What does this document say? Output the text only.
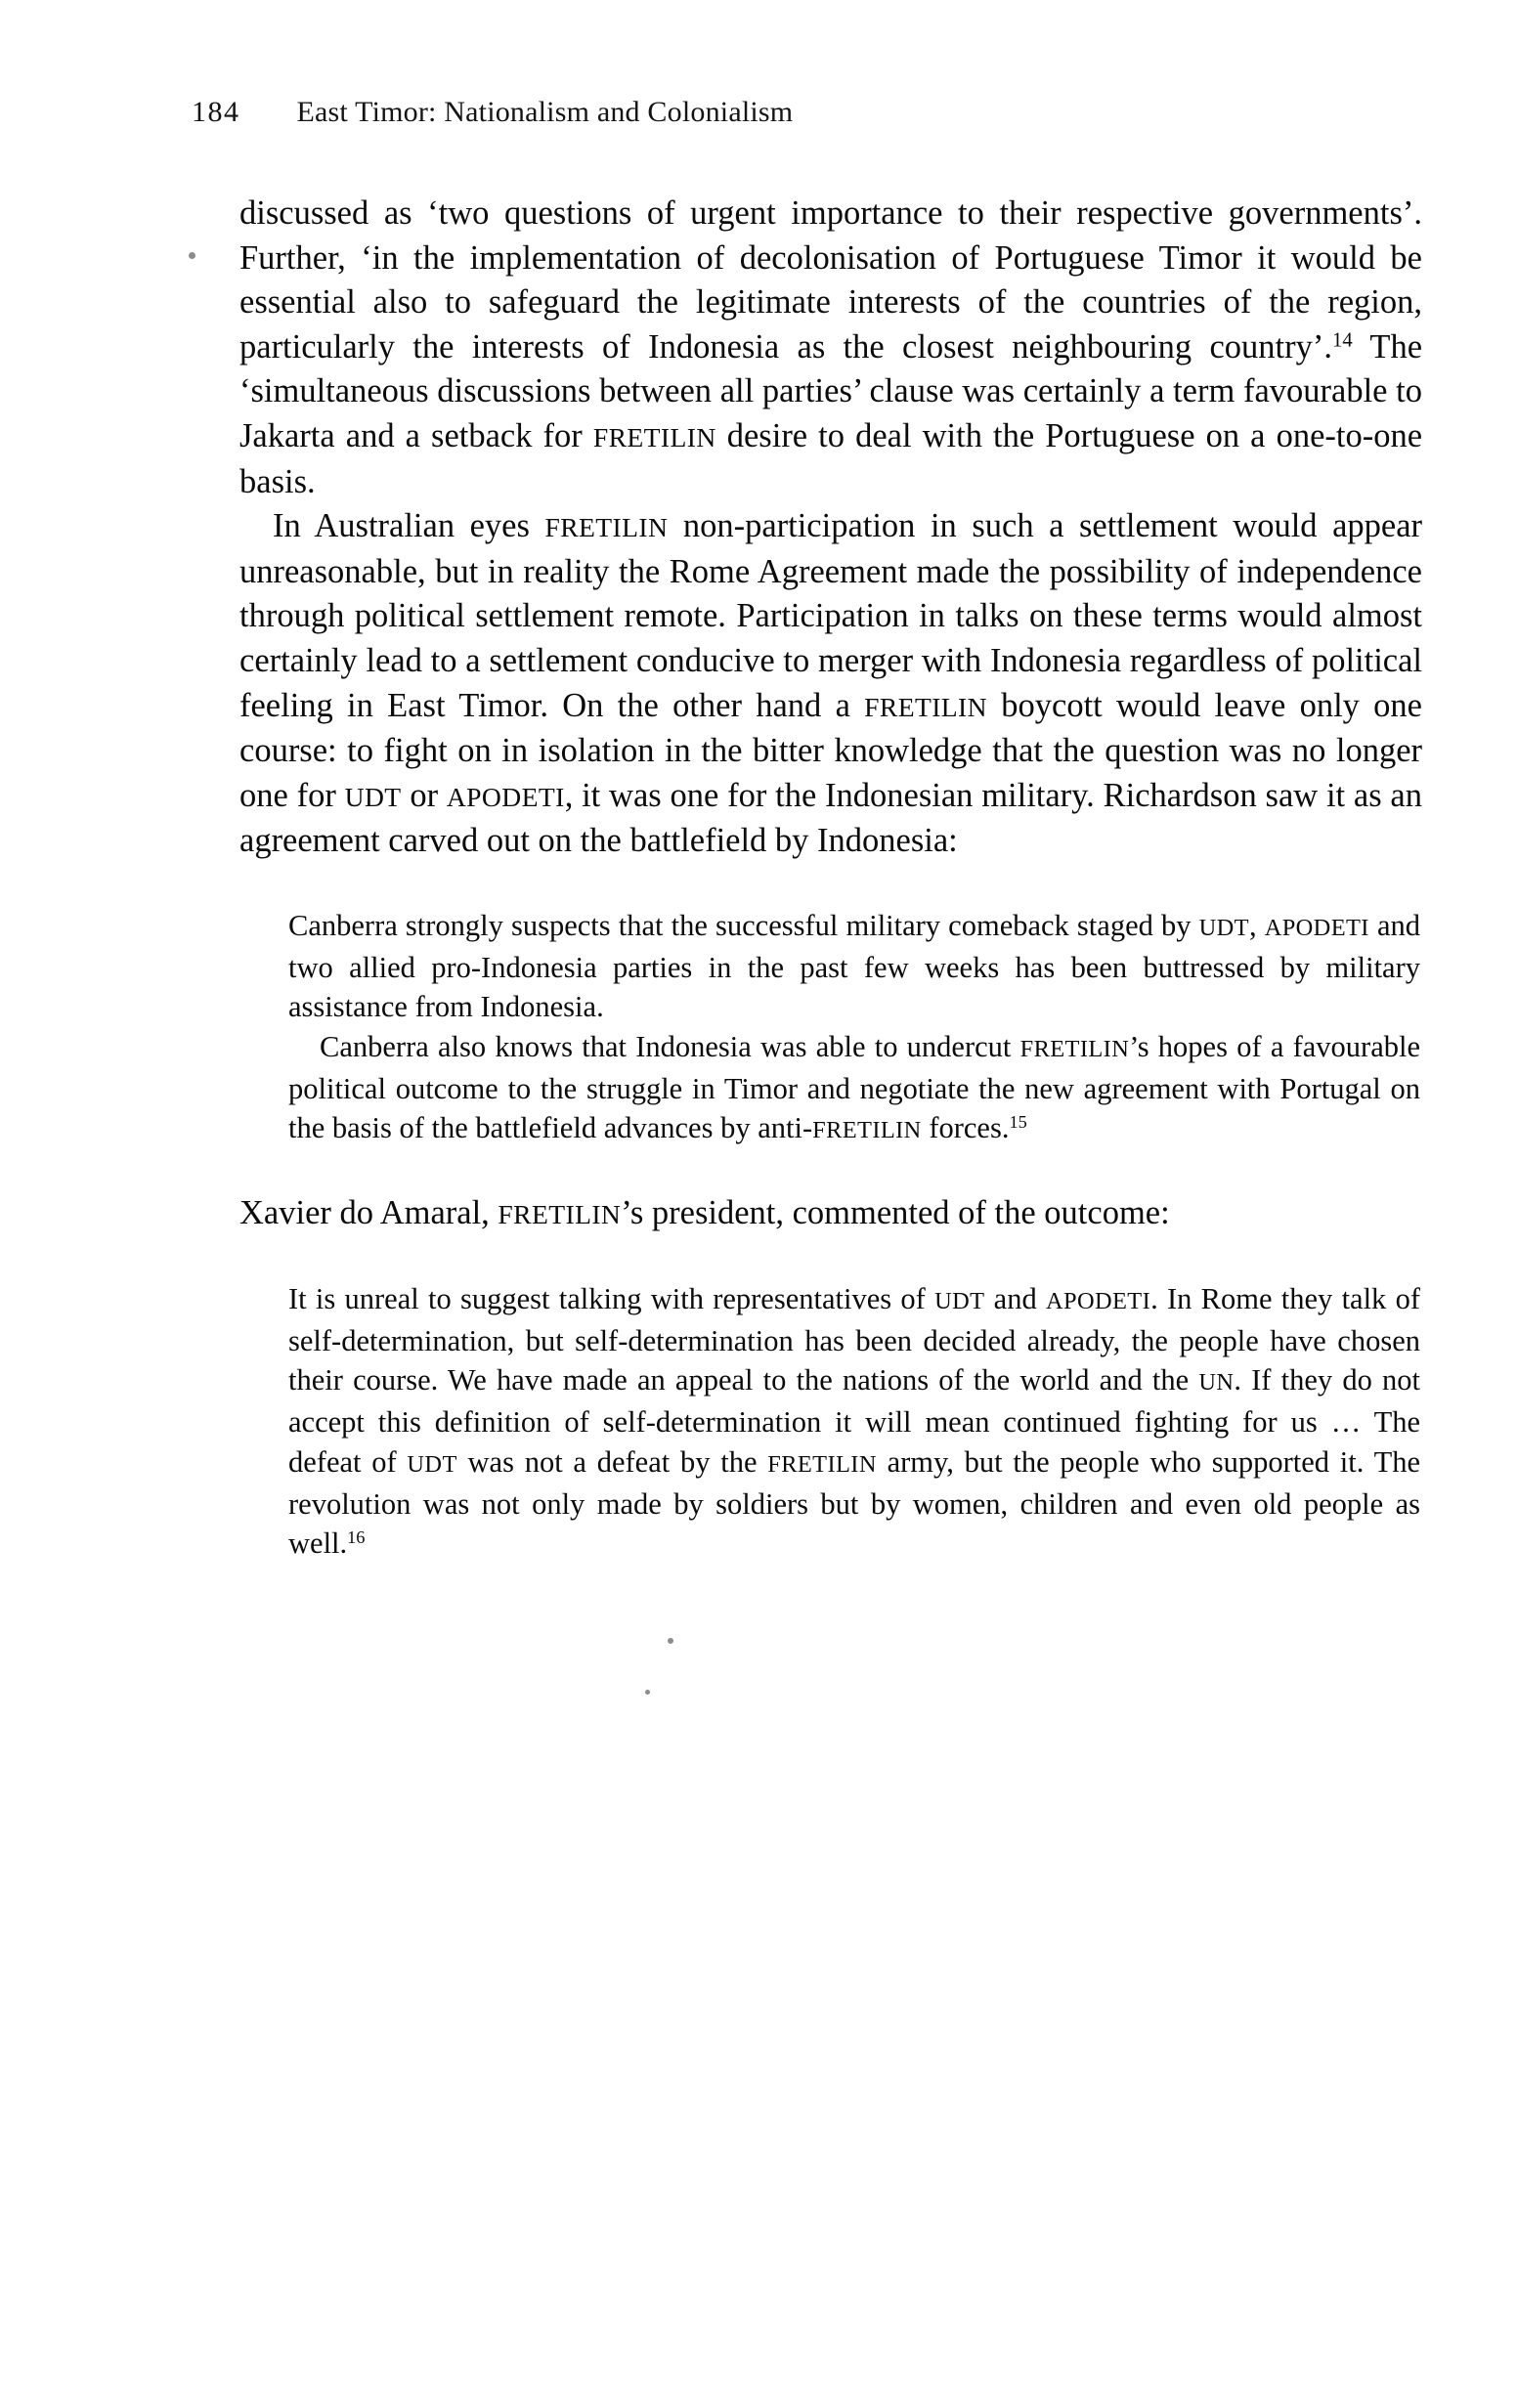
184 East Timor: Nationalism and Colonialism

discussed as ‘two questions of urgent importance to their respective governments’. Further, ‘in the implementation of decolonisation of Portuguese Timor it would be essential also to safeguard the legitimate interests of the countries of the region, particularly the interests of Indonesia as the closest neighbouring country’.$^{14}$ The ‘simultaneous discussions between all parties’ clause was certainly a term favourable to Jakarta and a setback for FRETILIN desire to deal with the Portuguese on a one-to-one basis.

In Australian eyes FRETILIN non-participation in such a settlement would appear unreasonable, but in reality the Rome Agreement made the possibility of independence through political settlement remote. Participation in talks on these terms would almost certainly lead to a settlement conducive to merger with Indonesia regardless of political feeling in East Timor. On the other hand a FRETILIN boycott would leave only one course: to fight on in isolation in the bitter knowledge that the question was no longer one for UDT or APODETI, it was one for the Indonesian military. Richardson saw it as an agreement carved out on the battlefield by Indonesia:

Canberra strongly suspects that the successful military comeback staged by UDT, APODETI and two allied pro-Indonesia parties in the past few weeks has been buttressed by military assistance from Indonesia.

Canberra also knows that Indonesia was able to undercut FRETILIN’s hopes of a favourable political outcome to the struggle in Timor and negotiate the new agreement with Portugal on the basis of the battlefield advances by anti-FRETILIN forces.$^{15}$

Xavier do Amaral, FRETILIN’s president, commented of the outcome:

It is unreal to suggest talking with representatives of UDT and APODETI. In Rome they talk of self-determination, but self-determination has been decided already, the people have chosen their course. We have made an appeal to the nations of the world and the UN. If they do not accept this definition of self-determination it will mean continued fighting for us … The defeat of UDT was not a defeat by the FRETILIN army, but the people who supported it. The revolution was not only made by soldiers but by women, children and even old people as well.$^{16}$
